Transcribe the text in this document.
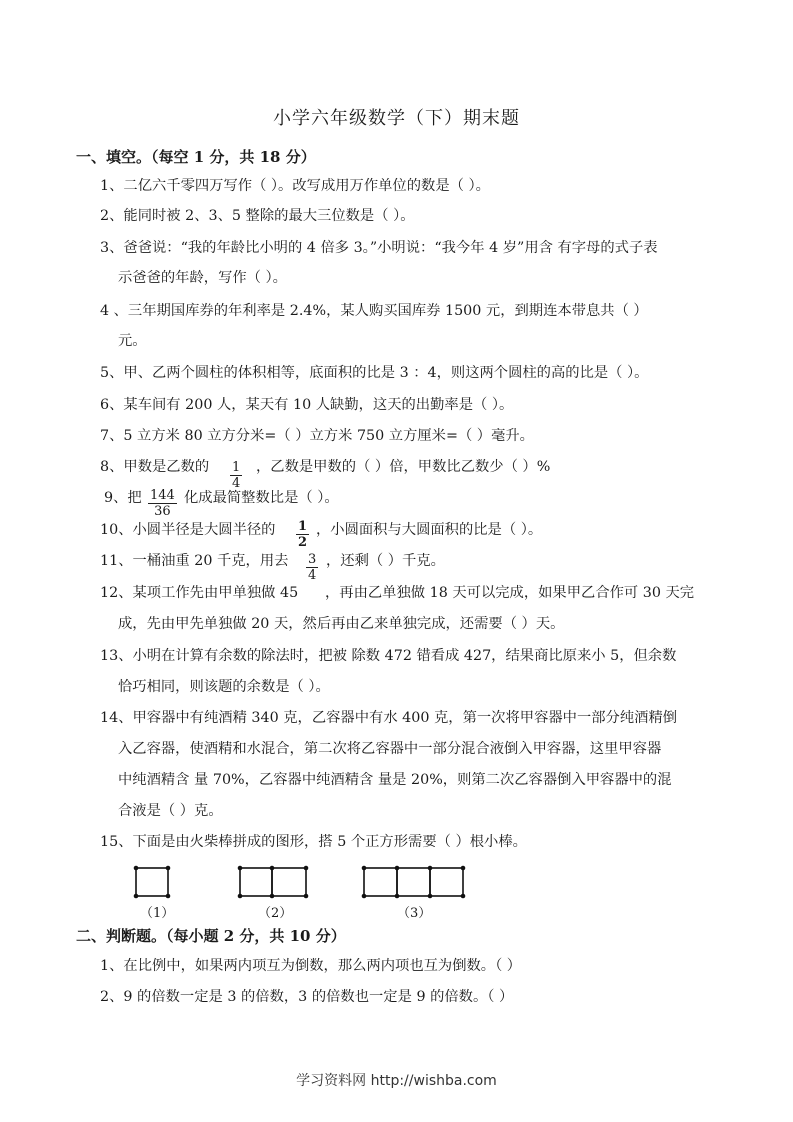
小学六年级数学（下）期末题
一、填空。（每空 1 分，共 18 分）
1、二亿六千零四万写作（ ）。改写成用万作单位的数是（ ）。
2、能同时被 2、3、5 整除的最大三位数是（ ）。
3、爸爸说：“我的年龄比小明的 4 倍多 3。”小明说：“我今年 4 岁”用含 有字母的式子表
示爸爸的年龄，写作（ ）。
4 、三年期国库券的年利率是 2.4%，某人购买国库券 1500 元，到期连本带息共（ ）
元。
5、甲、乙两个圆柱的体积相等，底面积的比是 3 ：4，则这两个圆柱的高的比是（ ）。
6、某车间有 200 人，某天有 10 人缺勤，这天的出勤率是（ ）。
7、5 立方米 80 立方分米=（ ）立方米 750 立方厘米=（ ）毫升。
8、甲数是乙数的 $\frac{1}{4}$ ，乙数是甲数的（ ）倍，甲数比乙数少（ ）%
9、把 $\frac{144}{36}$ 化成最简整数比是（ ）。
10、小圆半径是大圆半径的 $\frac{1}{2}$ ，小圆面积与大圆面积的比是（ ）。
11、一桶油重 20 千克，用去 $\frac{3}{4}$ ，还剩（ ）千克。
12、某项工作先由甲单独做 45 ，再由乙单独做 18 天可以完成，如果甲乙合作可 30 天完
成，先由甲先单独做 20 天，然后再由乙来单独完成，还需要（ ）天。
13、小明在计算有余数的除法时，把被 除数 472 错看成 427，结果商比原来小 5，但余数
恰巧相同，则该题的余数是（ ）。
14、甲容器中有纯酒精 340 克，乙容器中有水 400 克，第一次将甲容器中一部分纯酒精倒
入乙容器，使酒精和水混合，第二次将乙容器中一部分混合液倒入甲容器，这里甲容器
中纯酒精含 量 70%，乙容器中纯酒精含 量是 20%，则第二次乙容器倒入甲容器中的混
合液是（ ）克。
15、下面是由火柴棒拼成的图形，搭 5 个正方形需要（ ）根小棒。
（1）	（2）	（3）
二、判断题。（每小题 2 分，共 10 分）
1、在比例中，如果两内项互为倒数，那么两内项也互为倒数。（ ）
2、9 的倍数一定是 3 的倍数，3 的倍数也一定是 9 的倍数。（ ）
学习资料网 http://wishba.com
